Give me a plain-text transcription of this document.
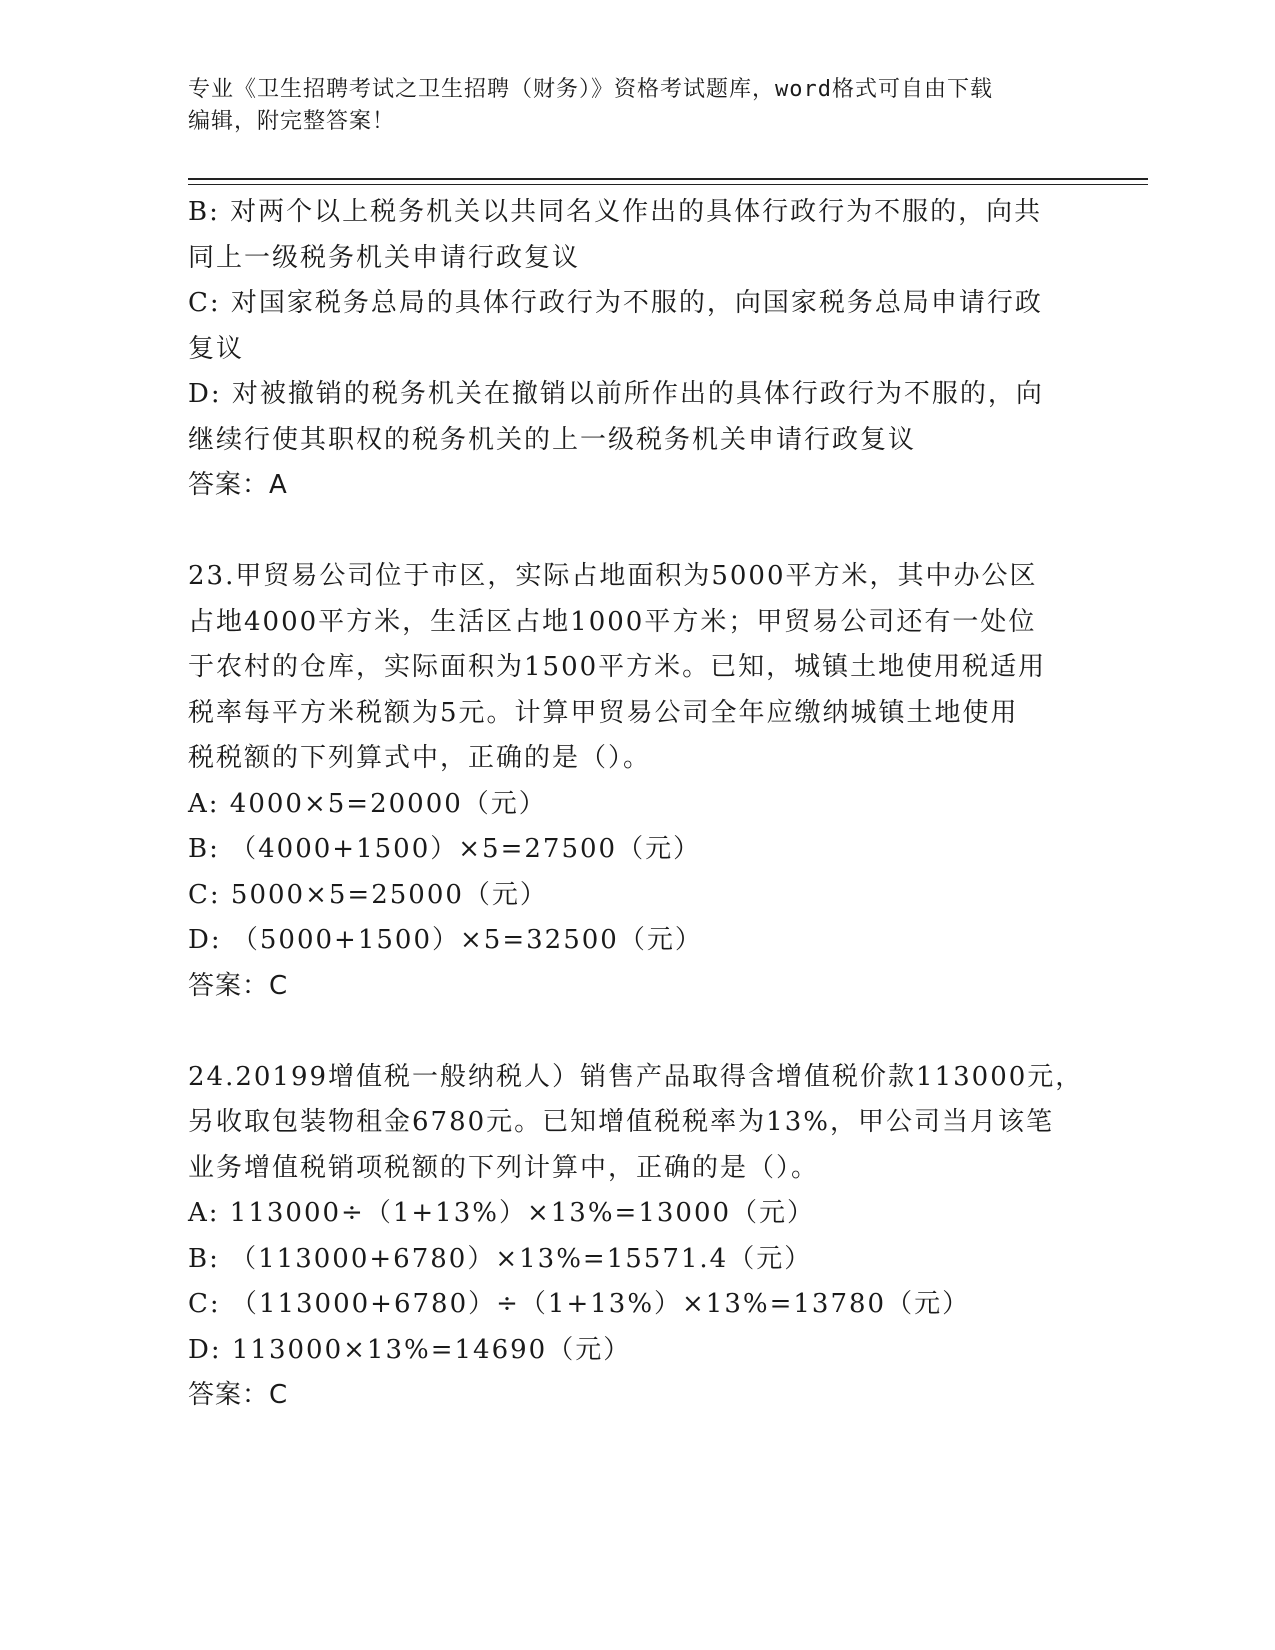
专业《卫生招聘考试之卫生招聘（财务）》资格考试题库，word格式可自由下载
编辑，附完整答案！
B: 对两个以上税务机关以共同名义作出的具体行政行为不服的，向共
同上一级税务机关申请行政复议
C: 对国家税务总局的具体行政行为不服的，向国家税务总局申请行政
复议
D: 对被撤销的税务机关在撤销以前所作出的具体行政行为不服的，向
继续行使其职权的税务机关的上一级税务机关申请行政复议
答案：A
23.甲贸易公司位于市区，实际占地面积为5000平方米，其中办公区
占地4000平方米，生活区占地1000平方米；甲贸易公司还有一处位
于农村的仓库，实际面积为1500平方米。已知，城镇土地使用税适用
税率每平方米税额为5元。计算甲贸易公司全年应缴纳城镇土地使用
税税额的下列算式中，正确的是（）。
A: 4000×5=20000（元）
B: （4000+1500）×5=27500（元）
C: 5000×5=25000（元）
D: （5000+1500）×5=32500（元）
答案：C
24.20199增值税一般纳税人）销售产品取得含增值税价款113000元，
另收取包装物租金6780元。已知增值税税率为13%，甲公司当月该笔
业务增值税销项税额的下列计算中，正确的是（）。
A: 113000÷（1+13%）×13%=13000（元）
B: （113000+6780）×13%=15571.4（元）
C: （113000+6780）÷（1+13%）×13%=13780（元）
D: 113000×13%=14690（元）
答案：C
